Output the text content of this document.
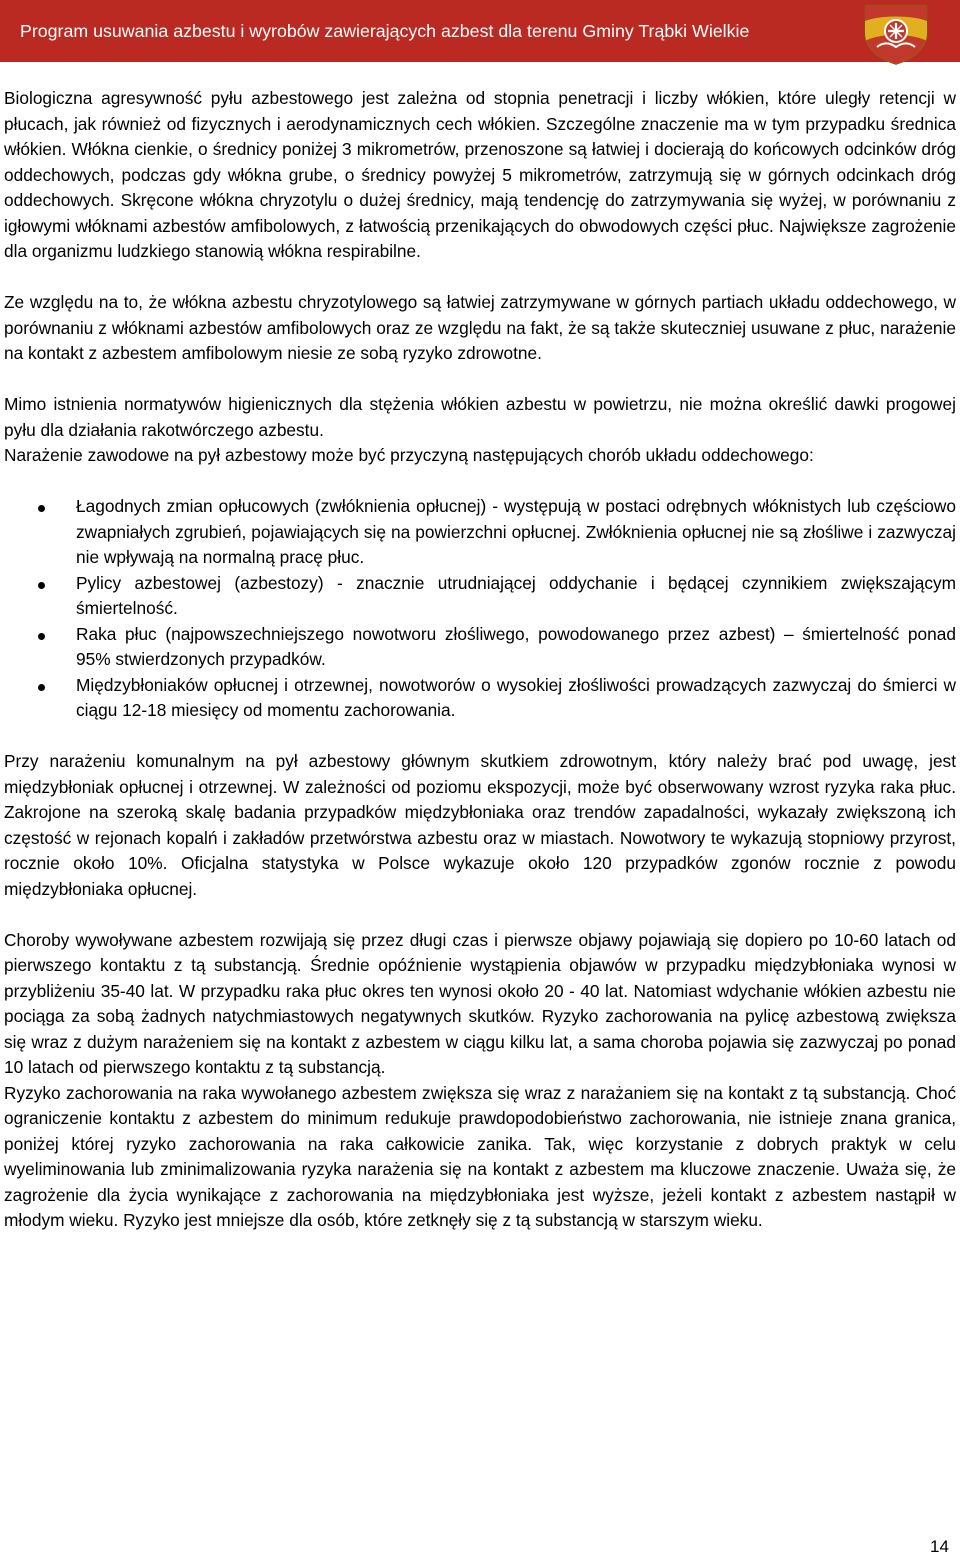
Program usuwania azbestu i wyrobów zawierających azbest dla terenu Gminy Trąbki Wielkie

Biologiczna agresywność pyłu azbestowego jest zależna od stopnia penetracji i liczby włókien, które uległy retencji w płucach, jak również od fizycznych i aerodynamicznych cech włókien. Szczególne znaczenie ma w tym przypadku średnica włókien. Włókna cienkie, o średnicy poniżej 3 mikrometrów, przenoszone są łatwiej i docierają do końcowych odcinków dróg oddechowych, podczas gdy włókna grube, o średnicy powyżej 5 mikrometrów, zatrzymują się w górnych odcinkach dróg oddechowych. Skręcone włókna chryzotylu o dużej średnicy, mają tendencję do zatrzymywania się wyżej, w porównaniu z igłowymi włóknami azbestów amfibolowych, z łatwością przenikających do obwodowych części płuc. Największe zagrożenie dla organizmu ludzkiego stanowią włókna respirabilne.

Ze względu na to, że włókna azbestu chryzotylowego są łatwiej zatrzymywane w górnych partiach układu oddechowego, w porównaniu z włóknami azbestów amfibolowych oraz ze względu na fakt, że są także skuteczniej usuwane z płuc, narażenie na kontakt z azbestem amfibolowym niesie ze sobą ryzyko zdrowotne.

Mimo istnienia normatywów higienicznych dla stężenia włókien azbestu w powietrzu, nie można określić dawki progowej pyłu dla działania rakotwórczego azbestu.

Narażenie zawodowe na pył azbestowy może być przyczyną następujących chorób układu oddechowego:

Łagodnych zmian opłucowych (zwłóknienia opłucnej) - występują w postaci odrębnych włóknistych lub częściowo zwapniałych zgrubień, pojawiających się na powierzchni opłucnej. Zwłóknienia opłucnej nie są złośliwe i zazwyczaj nie wpływają na normalną pracę płuc.
Pylicy azbestowej (azbestozy) - znacznie utrudniającej oddychanie i będącej czynnikiem zwiększającym śmiertelność.
Raka płuc (najpowszechniejszego nowotworu złośliwego, powodowanego przez azbest) – śmiertelność ponad 95% stwierdzonych przypadków.
Międzybłoniaków opłucnej i otrzewnej, nowotworów o wysokiej złośliwości prowadzących zazwyczaj do śmierci w ciągu 12-18 miesięcy od momentu zachorowania.

Przy narażeniu komunalnym na pył azbestowy głównym skutkiem zdrowotnym, który należy brać pod uwagę, jest międzybłoniak opłucnej i otrzewnej. W zależności od poziomu ekspozycji, może być obserwowany wzrost ryzyka raka płuc. Zakrojone na szeroką skalę badania przypadków międzybłoniaka oraz trendów zapadalności, wykazały zwiększoną ich częstość w rejonach kopalń i zakładów przetwórstwa azbestu oraz w miastach. Nowotwory te wykazują stopniowy przyrost, rocznie około 10%. Oficjalna statystyka w Polsce wykazuje około 120 przypadków zgonów rocznie z powodu międzybłoniaka opłucnej.

Choroby wywoływane azbestem rozwijają się przez długi czas i pierwsze objawy pojawiają się dopiero po 10-60 latach od pierwszego kontaktu z tą substancją. Średnie opóźnienie wystąpienia objawów w przypadku międzybłoniaka wynosi w przybliżeniu 35-40 lat. W przypadku raka płuc okres ten wynosi około 20 - 40 lat. Natomiast wdychanie włókien azbestu nie pociąga za sobą żadnych natychmiastowych negatywnych skutków. Ryzyko zachorowania na pylicę azbestową zwiększa się wraz z dużym narażeniem się na kontakt z azbestem w ciągu kilku lat, a sama choroba pojawia się zazwyczaj po ponad 10 latach od pierwszego kontaktu z tą substancją.

Ryzyko zachorowania na raka wywołanego azbestem zwiększa się wraz z narażaniem się na kontakt z tą substancją. Choć ograniczenie kontaktu z azbestem do minimum redukuje prawdopodobieństwo zachorowania, nie istnieje znana granica, poniżej której ryzyko zachorowania na raka całkowicie zanika. Tak, więc korzystanie z dobrych praktyk w celu wyeliminowania lub zminimalizowania ryzyka narażenia się na kontakt z azbestem ma kluczowe znaczenie. Uważa się, że zagrożenie dla życia wynikające z zachorowania na międzybłoniaka jest wyższe, jeżeli kontakt z azbestem nastąpił w młodym wieku. Ryzyko jest mniejsze dla osób, które zetknęły się z tą substancją w starszym wieku.

14
